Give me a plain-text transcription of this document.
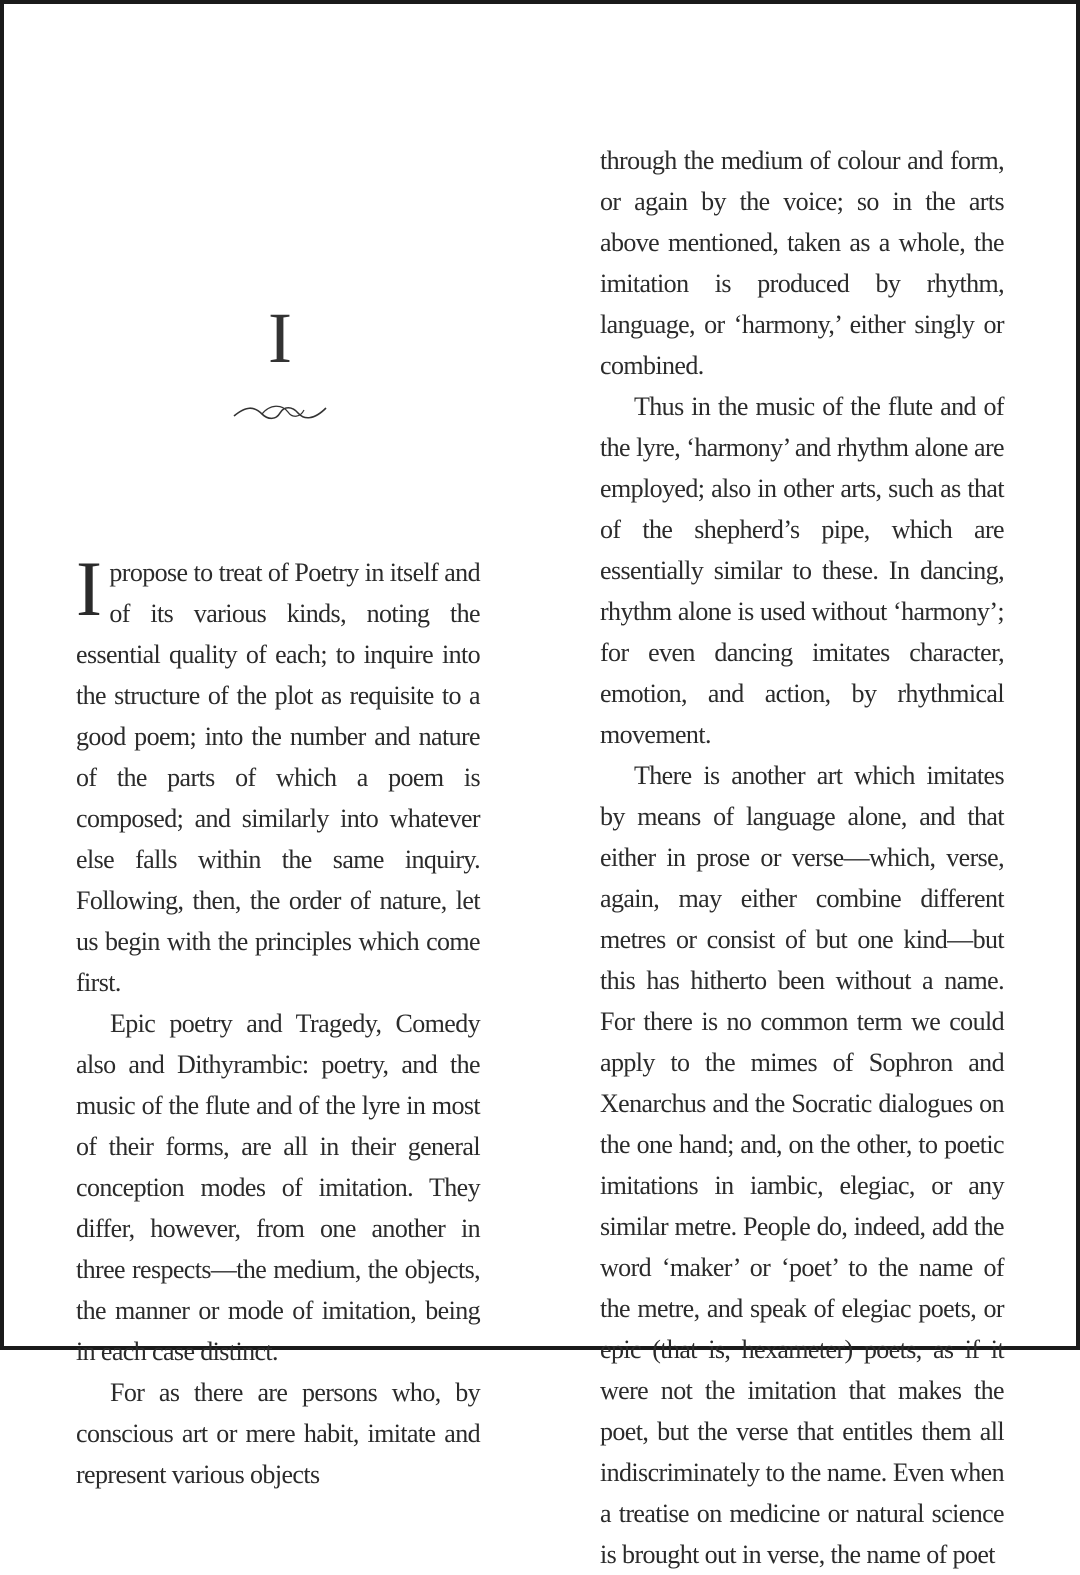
I

Ipropose to treat of Poetry in itself and of its various kinds, noting the essential quality of each; to inquire into the structure of the plot as requisite to a good poem; into the number and nature of the parts of which a poem is composed; and similarly into whatever else falls within the same inquiry. Following, then, the order of nature, let us begin with the principles which come first.

Epic poetry and Tragedy, Comedy also and Dithyrambic: poetry, and the music of the flute and of the lyre in most of their forms, are all in their general conception modes of imitation. They differ, however, from one another in three respects—the medium, the objects, the manner or mode of imitation, being in each case distinct.

For as there are persons who, by conscious art or mere habit, imitate and represent various objects

through the medium of colour and form, or again by the voice; so in the arts above mentioned, taken as a whole, the imitation is produced by rhythm, language, or ‘harmony,’ either singly or combined.

Thus in the music of the flute and of the lyre, ‘harmony’ and rhythm alone are employed; also in other arts, such as that of the shepherd’s pipe, which are essentially similar to these. In dancing, rhythm alone is used without ‘harmony’; for even dancing imitates character, emotion, and action, by rhythmical movement.

There is another art which imitates by means of language alone, and that either in prose or verse—which, verse, again, may either combine different metres or consist of but one kind—but this has hitherto been without a name. For there is no common term we could apply to the mimes of Sophron and Xenarchus and the Socratic dialogues on the one hand; and, on the other, to poetic imitations in iambic, elegiac, or any similar metre. People do, indeed, add the word ‘maker’ or ‘poet’ to the name of the metre, and speak of elegiac poets, or epic (that is, hexameter) poets, as if it were not the imitation that makes the poet, but the verse that entitles them all indiscriminately to the name. Even when a treatise on medicine or natural science is brought out in verse, the name of poet
